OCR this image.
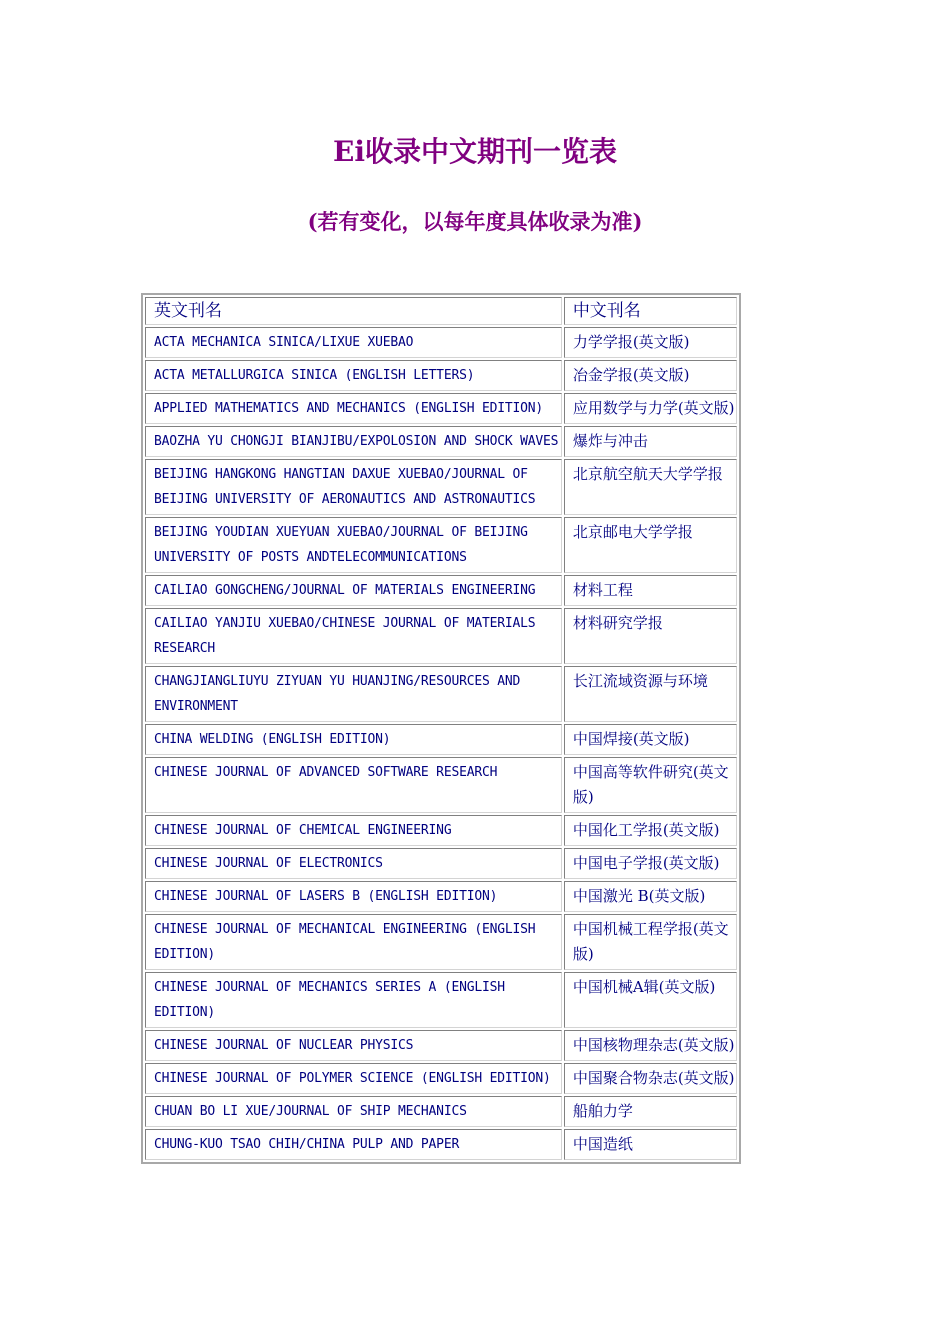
Ei收录中文期刊一览表
(若有变化，以每年度具体收录为准)
英文刊名	中文刊名
ACTA MECHANICA SINICA/LIXUE XUEBAO	力学学报(英文版)
ACTA METALLURGICA SINICA (ENGLISH LETTERS)	冶金学报(英文版)
APPLIED MATHEMATICS AND MECHANICS (ENGLISH EDITION)	应用数学与力学(英文版)
BAOZHA YU CHONGJI BIANJIBU/EXPOLOSION AND SHOCK WAVES	爆炸与冲击
BEIJING HANGKONG HANGTIAN DAXUE XUEBAO/JOURNAL OF BEIJING UNIVERSITY OF AERONAUTICS AND ASTRONAUTICS	北京航空航天大学学报
BEIJING YOUDIAN XUEYUAN XUEBAO/JOURNAL OF BEIJING UNIVERSITY OF POSTS ANDTELECOMMUNICATIONS	北京邮电大学学报
CAILIAO GONGCHENG/JOURNAL OF MATERIALS ENGINEERING	材料工程
CAILIAO YANJIU XUEBAO/CHINESE JOURNAL OF MATERIALS RESEARCH	材料研究学报
CHANGJIANGLIUYU ZIYUAN YU HUANJING/RESOURCES AND ENVIRONMENT	长江流域资源与环境
CHINA WELDING (ENGLISH EDITION)	中国焊接(英文版)
CHINESE JOURNAL OF ADVANCED SOFTWARE RESEARCH	中国高等软件研究(英文版)
CHINESE JOURNAL OF CHEMICAL ENGINEERING	中国化工学报(英文版)
CHINESE JOURNAL OF ELECTRONICS	中国电子学报(英文版)
CHINESE JOURNAL OF LASERS B (ENGLISH EDITION)	中国激光 B(英文版)
CHINESE JOURNAL OF MECHANICAL ENGINEERING (ENGLISH EDITION)	中国机械工程学报(英文版)
CHINESE JOURNAL OF MECHANICS SERIES A (ENGLISH EDITION)	中国机械A辑(英文版)
CHINESE JOURNAL OF NUCLEAR PHYSICS	中国核物理杂志(英文版)
CHINESE JOURNAL OF POLYMER SCIENCE (ENGLISH EDITION)	中国聚合物杂志(英文版)
CHUAN BO LI XUE/JOURNAL OF SHIP MECHANICS	船舶力学
CHUNG-KUO TSAO CHIH/CHINA PULP AND PAPER	中国造纸
